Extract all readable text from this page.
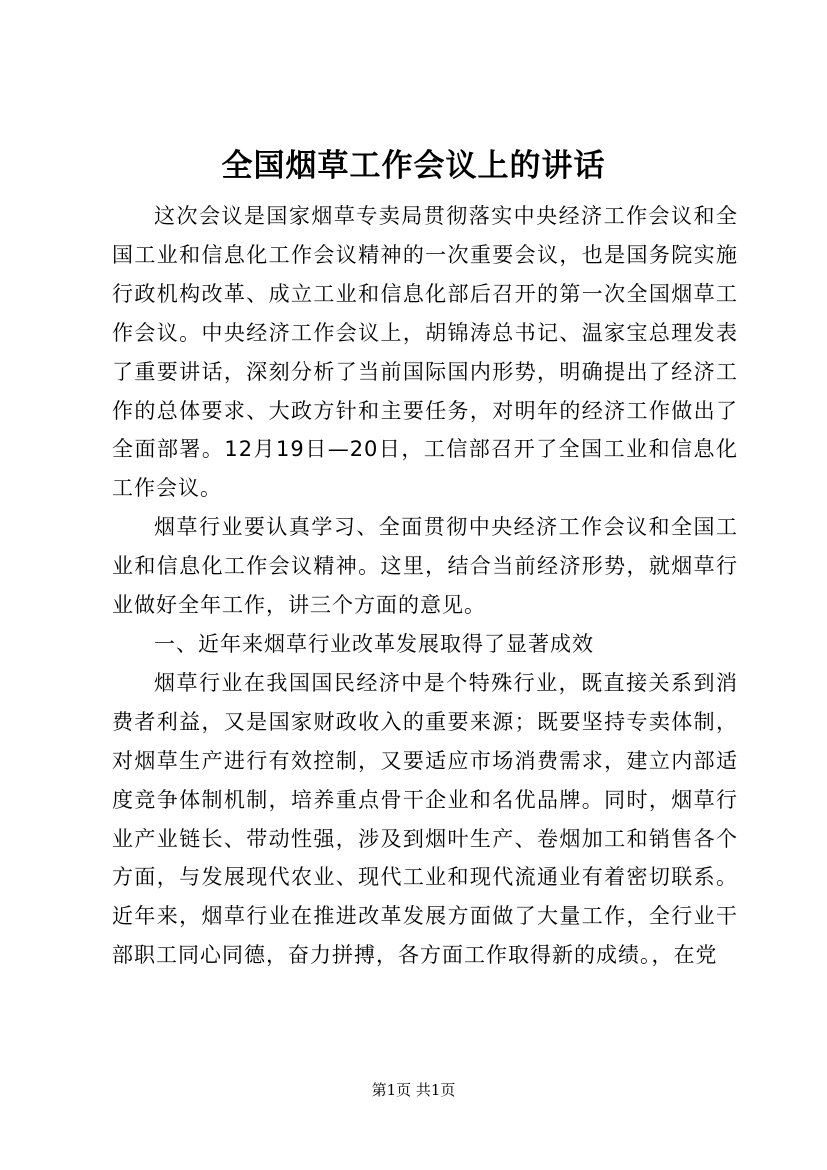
全国烟草工作会议上的讲话

这次会议是国家烟草专卖局贯彻落实中央经济工作会议和全国工业和信息化工作会议精神的一次重要会议，也是国务院实施行政机构改革、成立工业和信息化部后召开的第一次全国烟草工作会议。中央经济工作会议上，胡锦涛总书记、温家宝总理发表了重要讲话，深刻分析了当前国际国内形势，明确提出了经济工作的总体要求、大政方针和主要任务，对明年的经济工作做出了全面部署。12月19日—20日，工信部召开了全国工业和信息化工作会议。

烟草行业要认真学习、全面贯彻中央经济工作会议和全国工业和信息化工作会议精神。这里，结合当前经济形势，就烟草行业做好全年工作，讲三个方面的意见。

一、近年来烟草行业改革发展取得了显著成效

烟草行业在我国国民经济中是个特殊行业，既直接关系到消费者利益，又是国家财政收入的重要来源；既要坚持专卖体制，对烟草生产进行有效控制，又要适应市场消费需求，建立内部适度竞争体制机制，培养重点骨干企业和名优品牌。同时，烟草行业产业链长、带动性强，涉及到烟叶生产、卷烟加工和销售各个方面，与发展现代农业、现代工业和现代流通业有着密切联系。近年来，烟草行业在推进改革发展方面做了大量工作，全行业干部职工同心同德，奋力拼搏，各方面工作取得新的成绩。，在党

第1页 共1页
